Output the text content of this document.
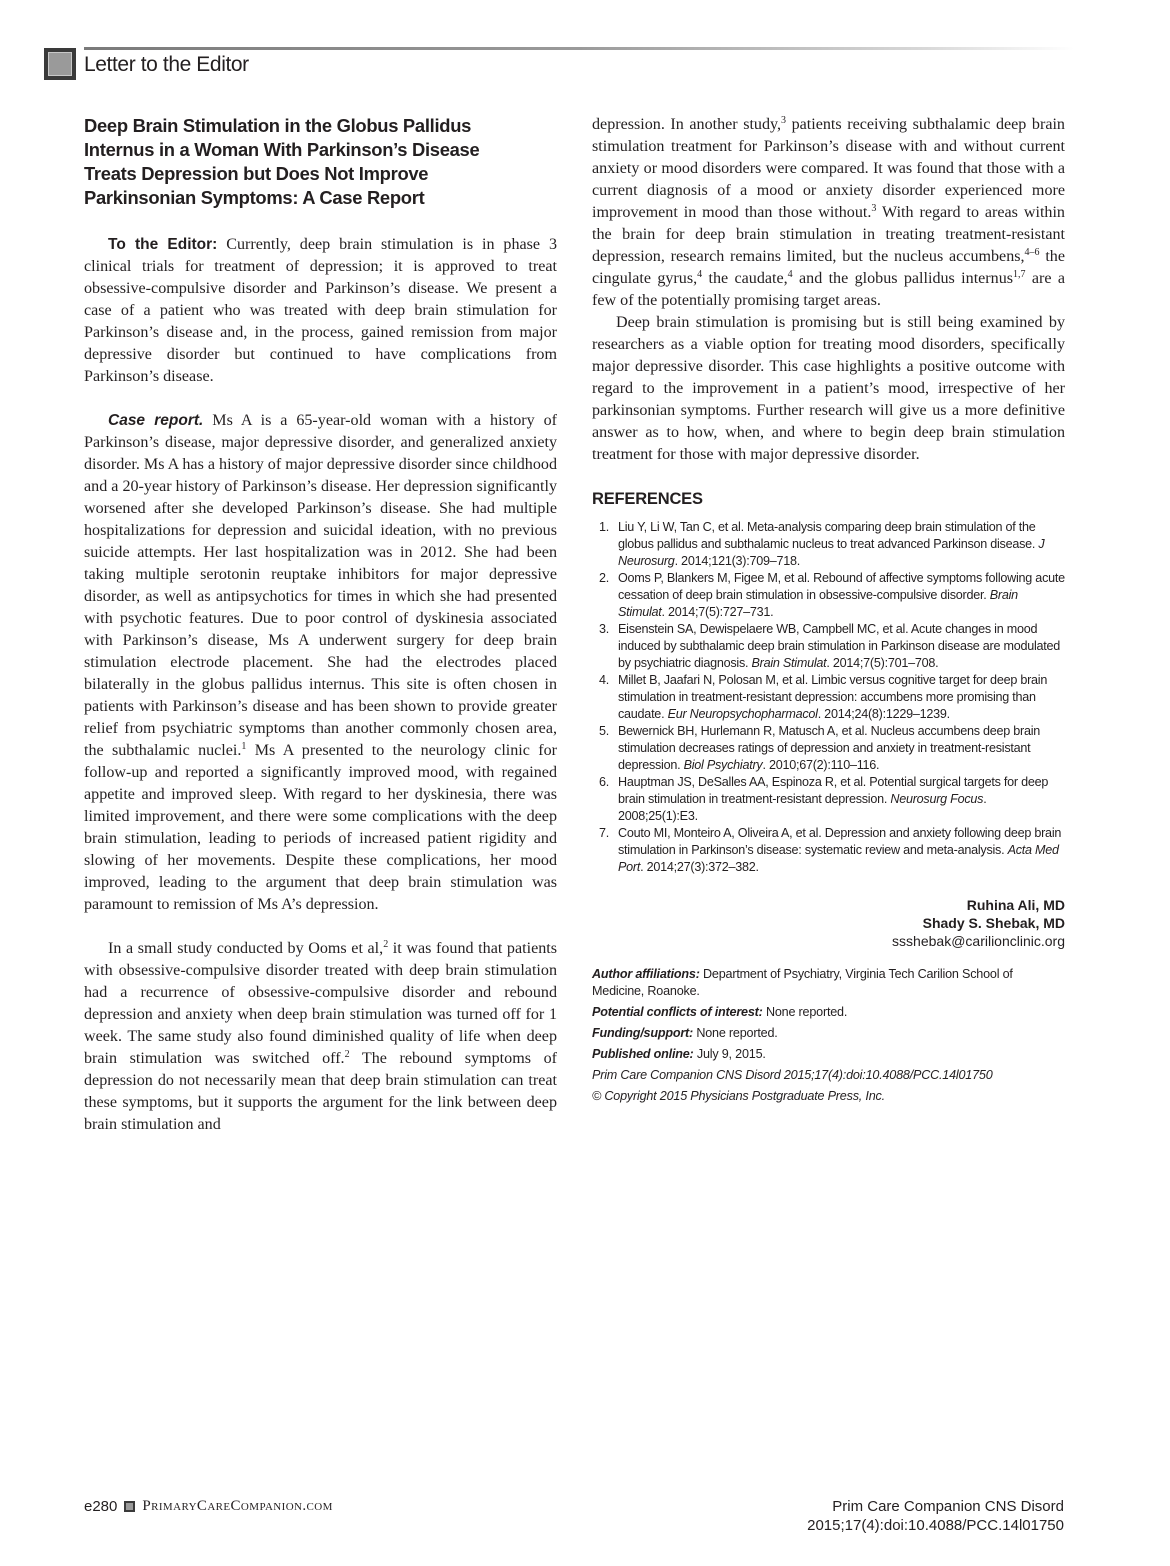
Letter to the Editor
Deep Brain Stimulation in the Globus Pallidus Internus in a Woman With Parkinson’s Disease Treats Depression but Does Not Improve Parkinsonian Symptoms: A Case Report

To the Editor: Currently, deep brain stimulation is in phase 3 clinical trials for treatment of depression; it is approved to treat obsessive-compulsive disorder and Parkinson’s disease. We present a case of a patient who was treated with deep brain stimulation for Parkinson’s disease and, in the process, gained remission from major depressive disorder but continued to have complications from Parkinson’s disease.

Case report. Ms A is a 65-year-old woman with a history of Parkinson’s disease, major depressive disorder, and generalized anxiety disorder. Ms A has a history of major depressive disorder since childhood and a 20-year history of Parkinson’s disease. Her depression significantly worsened after she developed Parkinson’s disease. She had multiple hospitalizations for depression and suicidal ideation, with no previous suicide attempts. Her last hospitalization was in 2012. She had been taking multiple serotonin reuptake inhibitors for major depressive disorder, as well as antipsychotics for times in which she had presented with psychotic features. Due to poor control of dyskinesia associated with Parkinson’s disease, Ms A underwent surgery for deep brain stimulation electrode placement. She had the electrodes placed bilaterally in the globus pallidus internus. This site is often chosen in patients with Parkinson’s disease and has been shown to provide greater relief from psychiatric symptoms than another commonly chosen area, the subthalamic nuclei.$^1$ Ms A presented to the neurology clinic for follow-up and reported a significantly improved mood, with regained appetite and improved sleep. With regard to her dyskinesia, there was limited improvement, and there were some complications with the deep brain stimulation, leading to periods of increased patient rigidity and slowing of her movements. Despite these complications, her mood improved, leading to the argument that deep brain stimulation was paramount to remission of Ms A’s depression.

In a small study conducted by Ooms et al,$^2$ it was found that patients with obsessive-compulsive disorder treated with deep brain stimulation had a recurrence of obsessive-compulsive disorder and rebound depression and anxiety when deep brain stimulation was turned off for 1 week. The same study also found diminished quality of life when deep brain stimulation was switched off.$^2$ The rebound symptoms of depression do not necessarily mean that deep brain stimulation can treat these symptoms, but it supports the argument for the link between deep brain stimulation and

depression. In another study,$^3$ patients receiving subthalamic deep brain stimulation treatment for Parkinson’s disease with and without current anxiety or mood disorders were compared. It was found that those with a current diagnosis of a mood or anxiety disorder experienced more improvement in mood than those without.$^3$ With regard to areas within the brain for deep brain stimulation in treating treatment-resistant depression, research remains limited, but the nucleus accumbens,$^{4-6}$ the cingulate gyrus,$^4$ the caudate,$^4$ and the globus pallidus internus$^{1,7}$ are a few of the potentially promising target areas.

Deep brain stimulation is promising but is still being examined by researchers as a viable option for treating mood disorders, specifically major depressive disorder. This case highlights a positive outcome with regard to the improvement in a patient’s mood, irrespective of her parkinsonian symptoms. Further research will give us a more definitive answer as to how, when, and where to begin deep brain stimulation treatment for those with major depressive disorder.

REFERENCES
1. Liu Y, Li W, Tan C, et al. Meta-analysis comparing deep brain stimulation of the globus pallidus and subthalamic nucleus to treat advanced Parkinson disease. J Neurosurg. 2014;121(3):709–718.
2. Ooms P, Blankers M, Figee M, et al. Rebound of affective symptoms following acute cessation of deep brain stimulation in obsessive-compulsive disorder. Brain Stimulat. 2014;7(5):727–731.
3. Eisenstein SA, Dewispelaere WB, Campbell MC, et al. Acute changes in mood induced by subthalamic deep brain stimulation in Parkinson disease are modulated by psychiatric diagnosis. Brain Stimulat. 2014;7(5):701–708.
4. Millet B, Jaafari N, Polosan M, et al. Limbic versus cognitive target for deep brain stimulation in treatment-resistant depression: accumbens more promising than caudate. Eur Neuropsychopharmacol. 2014;24(8):1229–1239.
5. Bewernick BH, Hurlemann R, Matusch A, et al. Nucleus accumbens deep brain stimulation decreases ratings of depression and anxiety in treatment-resistant depression. Biol Psychiatry. 2010;67(2):110–116.
6. Hauptman JS, DeSalles AA, Espinoza R, et al. Potential surgical targets for deep brain stimulation in treatment-resistant depression. Neurosurg Focus. 2008;25(1):E3.
7. Couto MI, Monteiro A, Oliveira A, et al. Depression and anxiety following deep brain stimulation in Parkinson’s disease: systematic review and meta-analysis. Acta Med Port. 2014;27(3):372–382.
Ruhina Ali, MD
Shady S. Shebak, MD
ssshebak@carilionclinic.org
Author affiliations: Department of Psychiatry, Virginia Tech Carilion School of Medicine, Roanoke.
Potential conflicts of interest: None reported.
Funding/support: None reported.
Published online: July 9, 2015.
Prim Care Companion CNS Disord 2015;17(4):doi:10.4088/PCC.14l01750
© Copyright 2015 Physicians Postgraduate Press, Inc.
e280 PrimaryCareCompanion.com	Prim Care Companion CNS Disord
2015;17(4):doi:10.4088/PCC.14l01750
